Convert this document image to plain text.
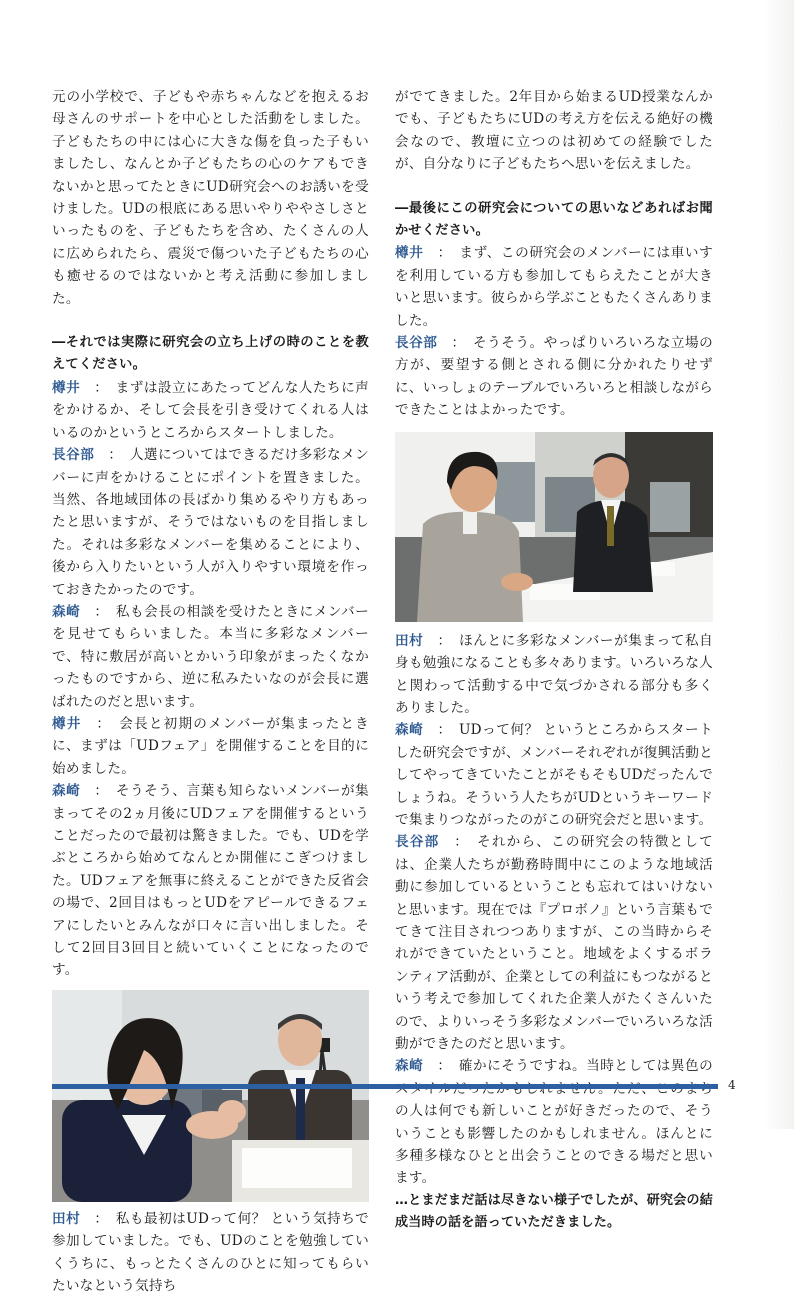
元の小学校で、子どもや赤ちゃんなどを抱えるお母さんのサポートを中心とした活動をしました。子どもたちの中には心に大きな傷を負った子もいましたし、なんとか子どもたちの心のケアもできないかと思ってたときにUD研究会へのお誘いを受けました。UDの根底にある思いやりややさしさといったものを、子どもたちを含め、たくさんの人に広められたら、震災で傷ついた子どもたちの心も癒せるのではないかと考え活動に参加しました。

―それでは実際に研究会の立ち上げの時のことを教えてください。

樽井　：　まずは設立にあたってどんな人たちに声をかけるか、そして会長を引き受けてくれる人はいるのかというところからスタートしました。

長谷部　：　人選についてはできるだけ多彩なメンバーに声をかけることにポイントを置きました。当然、各地域団体の長ばかり集めるやり方もあったと思いますが、そうではないものを目指しました。それは多彩なメンバーを集めることにより、後から入りたいという人が入りやすい環境を作っておきたかったのです。

森崎　：　私も会長の相談を受けたときにメンバーを見せてもらいました。本当に多彩なメンバーで、特に敷居が高いとかいう印象がまったくなかったものですから、逆に私みたいなのが会長に選ばれたのだと思います。

樽井　：　会長と初期のメンバーが集まったときに、まずは「UDフェア」を開催することを目的に始めました。

森崎　：　そうそう、言葉も知らないメンバーが集まってその2ヵ月後にUDフェアを開催するということだったので最初は驚きました。でも、UDを学ぶところから始めてなんとか開催にこぎつけました。UDフェアを無事に終えることができた反省会の場で、2回目はもっとUDをアピールできるフェアにしたいとみんなが口々に言い出しました。そして2回目3回目と続いていくことになったのです。

田村　：　私も最初はUDって何？ という気持ちで参加していました。でも、UDのことを勉強していくうちに、もっとたくさんのひとに知ってもらいたいなという気持ち

がでてきました。2年目から始まるUD授業なんかでも、子どもたちにUDの考え方を伝える絶好の機会なので、教壇に立つのは初めての経験でしたが、自分なりに子どもたちへ思いを伝えました。

―最後にこの研究会についての思いなどあればお聞かせください。

樽井　：　まず、この研究会のメンバーには車いすを利用している方も参加してもらえたことが大きいと思います。彼らから学ぶこともたくさんありました。

長谷部　：　そうそう。やっぱりいろいろな立場の方が、要望する側とされる側に分かれたりせずに、いっしょのテーブルでいろいろと相談しながらできたことはよかったです。

田村　：　ほんとに多彩なメンバーが集まって私自身も勉強になることも多々あります。いろいろな人と関わって活動する中で気づかされる部分も多くありました。

森崎　：　UDって何？ というところからスタートした研究会ですが、メンバーそれぞれが復興活動としてやってきていたことがそもそもUDだったんでしょうね。そういう人たちがUDというキーワードで集まりつながったのがこの研究会だと思います。

長谷部　：　それから、この研究会の特徴としては、企業人たちが勤務時間中にこのような地域活動に参加しているということも忘れてはいけないと思います。現在では『プロボノ』という言葉もでてきて注目されつつありますが、この当時からそれができていたということ。地域をよくするボランティア活動が、企業としての利益にもつながるという考えで参加してくれた企業人がたくさんいたので、よりいっそう多彩なメンバーでいろいろな活動ができたのだと思います。

森崎　：　確かにそうですね。当時としては異色の の人は何でも新しいことが好きだったので、そういうことも影響したのかもしれません。ほんとに多種多様なひとと出会うことのできる場だと思います。

…とまだまだ話は尽きない様子でしたが、研究会の結成当時の話を語っていただきました。

4
